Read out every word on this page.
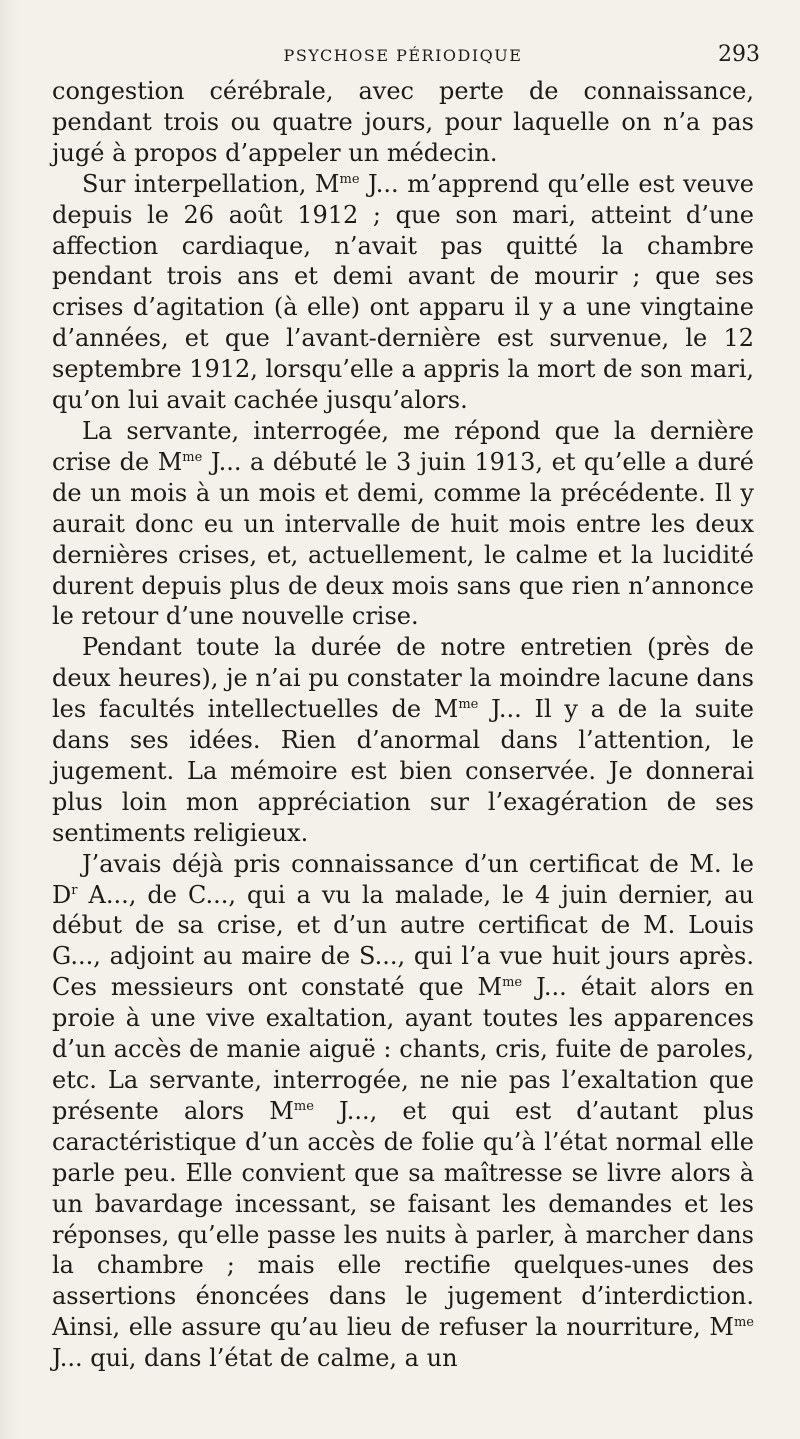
PSYCHOSE PÉRIODIQUE	293

congestion cérébrale, avec perte de connaissance, pendant trois ou quatre jours, pour laquelle on n’a pas jugé à propos d’appeler un médecin.

Sur interpellation, $M^{me}$ J... m’apprend qu’elle est veuve depuis le 26 août 1912 ; que son mari, atteint d’une affection cardiaque, n’avait pas quitté la chambre pendant trois ans et demi avant de mourir ; que ses crises d’agitation (à elle) ont apparu il y a une vingtaine d’années, et que l’avant-dernière est survenue, le 12 septembre 1912, lorsqu’elle a appris la mort de son mari, qu’on lui avait cachée jusqu’alors.

La servante, interrogée, me répond que la dernière crise de $M^{me}$ J... a débuté le 3 juin 1913, et qu’elle a duré de un mois à un mois et demi, comme la précédente. Il y aurait donc eu un intervalle de huit mois entre les deux dernières crises, et, actuellement, le calme et la lucidité durent depuis plus de deux mois sans que rien n’annonce le retour d’une nouvelle crise.

Pendant toute la durée de notre entretien (près de deux heures), je n’ai pu constater la moindre lacune dans les facultés intellectuelles de $M^{me}$ J... Il y a de la suite dans ses idées. Rien d’anormal dans l’attention, le jugement. La mémoire est bien conservée. Je donnerai plus loin mon appréciation sur l’exagération de ses sentiments religieux.

J’avais déjà pris connaissance d’un certificat de M. le $D^r$ A..., de C..., qui a vu la malade, le 4 juin dernier, au début de sa crise, et d’un autre certificat de M. Louis G..., adjoint au maire de S..., qui l’a vue huit jours après. Ces messieurs ont constaté que $M^{me}$ J... était alors en proie à une vive exaltation, ayant toutes les apparences d’un accès de manie aiguë : chants, cris, fuite de paroles, etc. La servante, interrogée, ne nie pas l’exaltation que présente alors $M^{me}$ J..., et qui est d’autant plus caractéristique d’un accès de folie qu’à l’état normal elle parle peu. Elle convient que sa maîtresse se livre alors à un bavardage incessant, se faisant les demandes et les réponses, qu’elle passe les nuits à parler, à marcher dans la chambre ; mais elle rectifie quelques-unes des assertions énoncées dans le jugement d’interdiction. Ainsi, elle assure qu’au lieu de refuser la nourriture, $M^{me}$ J... qui, dans l’état de calme, a un
